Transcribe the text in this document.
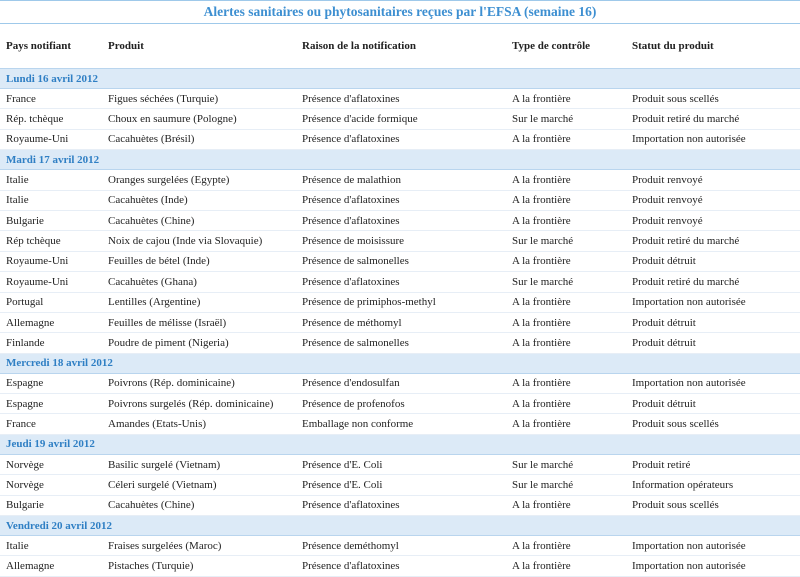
Alertes sanitaires ou phytosanitaires reçues par l'EFSA (semaine 16)
Pays notifiant	Produit	Raison de la notification	Type de contrôle	Statut du produit
Lundi 16 avril 2012				
France	Figues séchées (Turquie)	Présence d'aflatoxines	A la frontière	Produit sous scellés
Rép. tchèque	Choux en saumure (Pologne)	Présence d'acide formique	Sur le marché	Produit retiré du marché
Royaume-Uni	Cacahuètes (Brésil)	Présence d'aflatoxines	A la frontière	Importation non autorisée
Mardi 17 avril 2012				
Italie	Oranges surgelées (Egypte)	Présence de malathion	A la frontière	Produit renvoyé
Italie	Cacahuètes (Inde)	Présence d'aflatoxines	A la frontière	Produit renvoyé
Bulgarie	Cacahuètes (Chine)	Présence d'aflatoxines	A la frontière	Produit renvoyé
Rép tchèque	Noix de cajou (Inde via Slovaquie)	Présence de moisissure	Sur le marché	Produit retiré du marché
Royaume-Uni	Feuilles de bétel (Inde)	Présence de salmonelles	A la frontière	Produit détruit
Royaume-Uni	Cacahuètes (Ghana)	Présence d'aflatoxines	Sur le marché	Produit retiré du marché
Portugal	Lentilles (Argentine)	Présence de primiphos-methyl	A la frontière	Importation non autorisée
Allemagne	Feuilles de mélisse (Israël)	Présence de méthomyl	A la frontière	Produit détruit
Finlande	Poudre de piment (Nigeria)	Présence de salmonelles	A la frontière	Produit détruit
Mercredi 18 avril 2012				
Espagne	Poivrons (Rép. dominicaine)	Présence d'endosulfan	A la frontière	Importation non autorisée
Espagne	Poivrons surgelés (Rép. dominicaine)	Présence de profenofos	A la frontière	Produit détruit
France	Amandes (Etats-Unis)	Emballage non conforme	A la frontière	Produit sous scellés
Jeudi 19 avril 2012				
Norvège	Basilic surgelé (Vietnam)	Présence d'E. Coli	Sur le marché	Produit retiré
Norvège	Céleri surgelé (Vietnam)	Présence d'E. Coli	Sur le marché	Information opérateurs
Bulgarie	Cacahuètes (Chine)	Présence d'aflatoxines	A la frontière	Produit sous scellés
Vendredi 20 avril 2012				
Italie	Fraises surgelées (Maroc)	Présence deméthomyl	A la frontière	Importation non autorisée
Allemagne	Pistaches (Turquie)	Présence d'aflatoxines	A la frontière	Importation non autorisée
